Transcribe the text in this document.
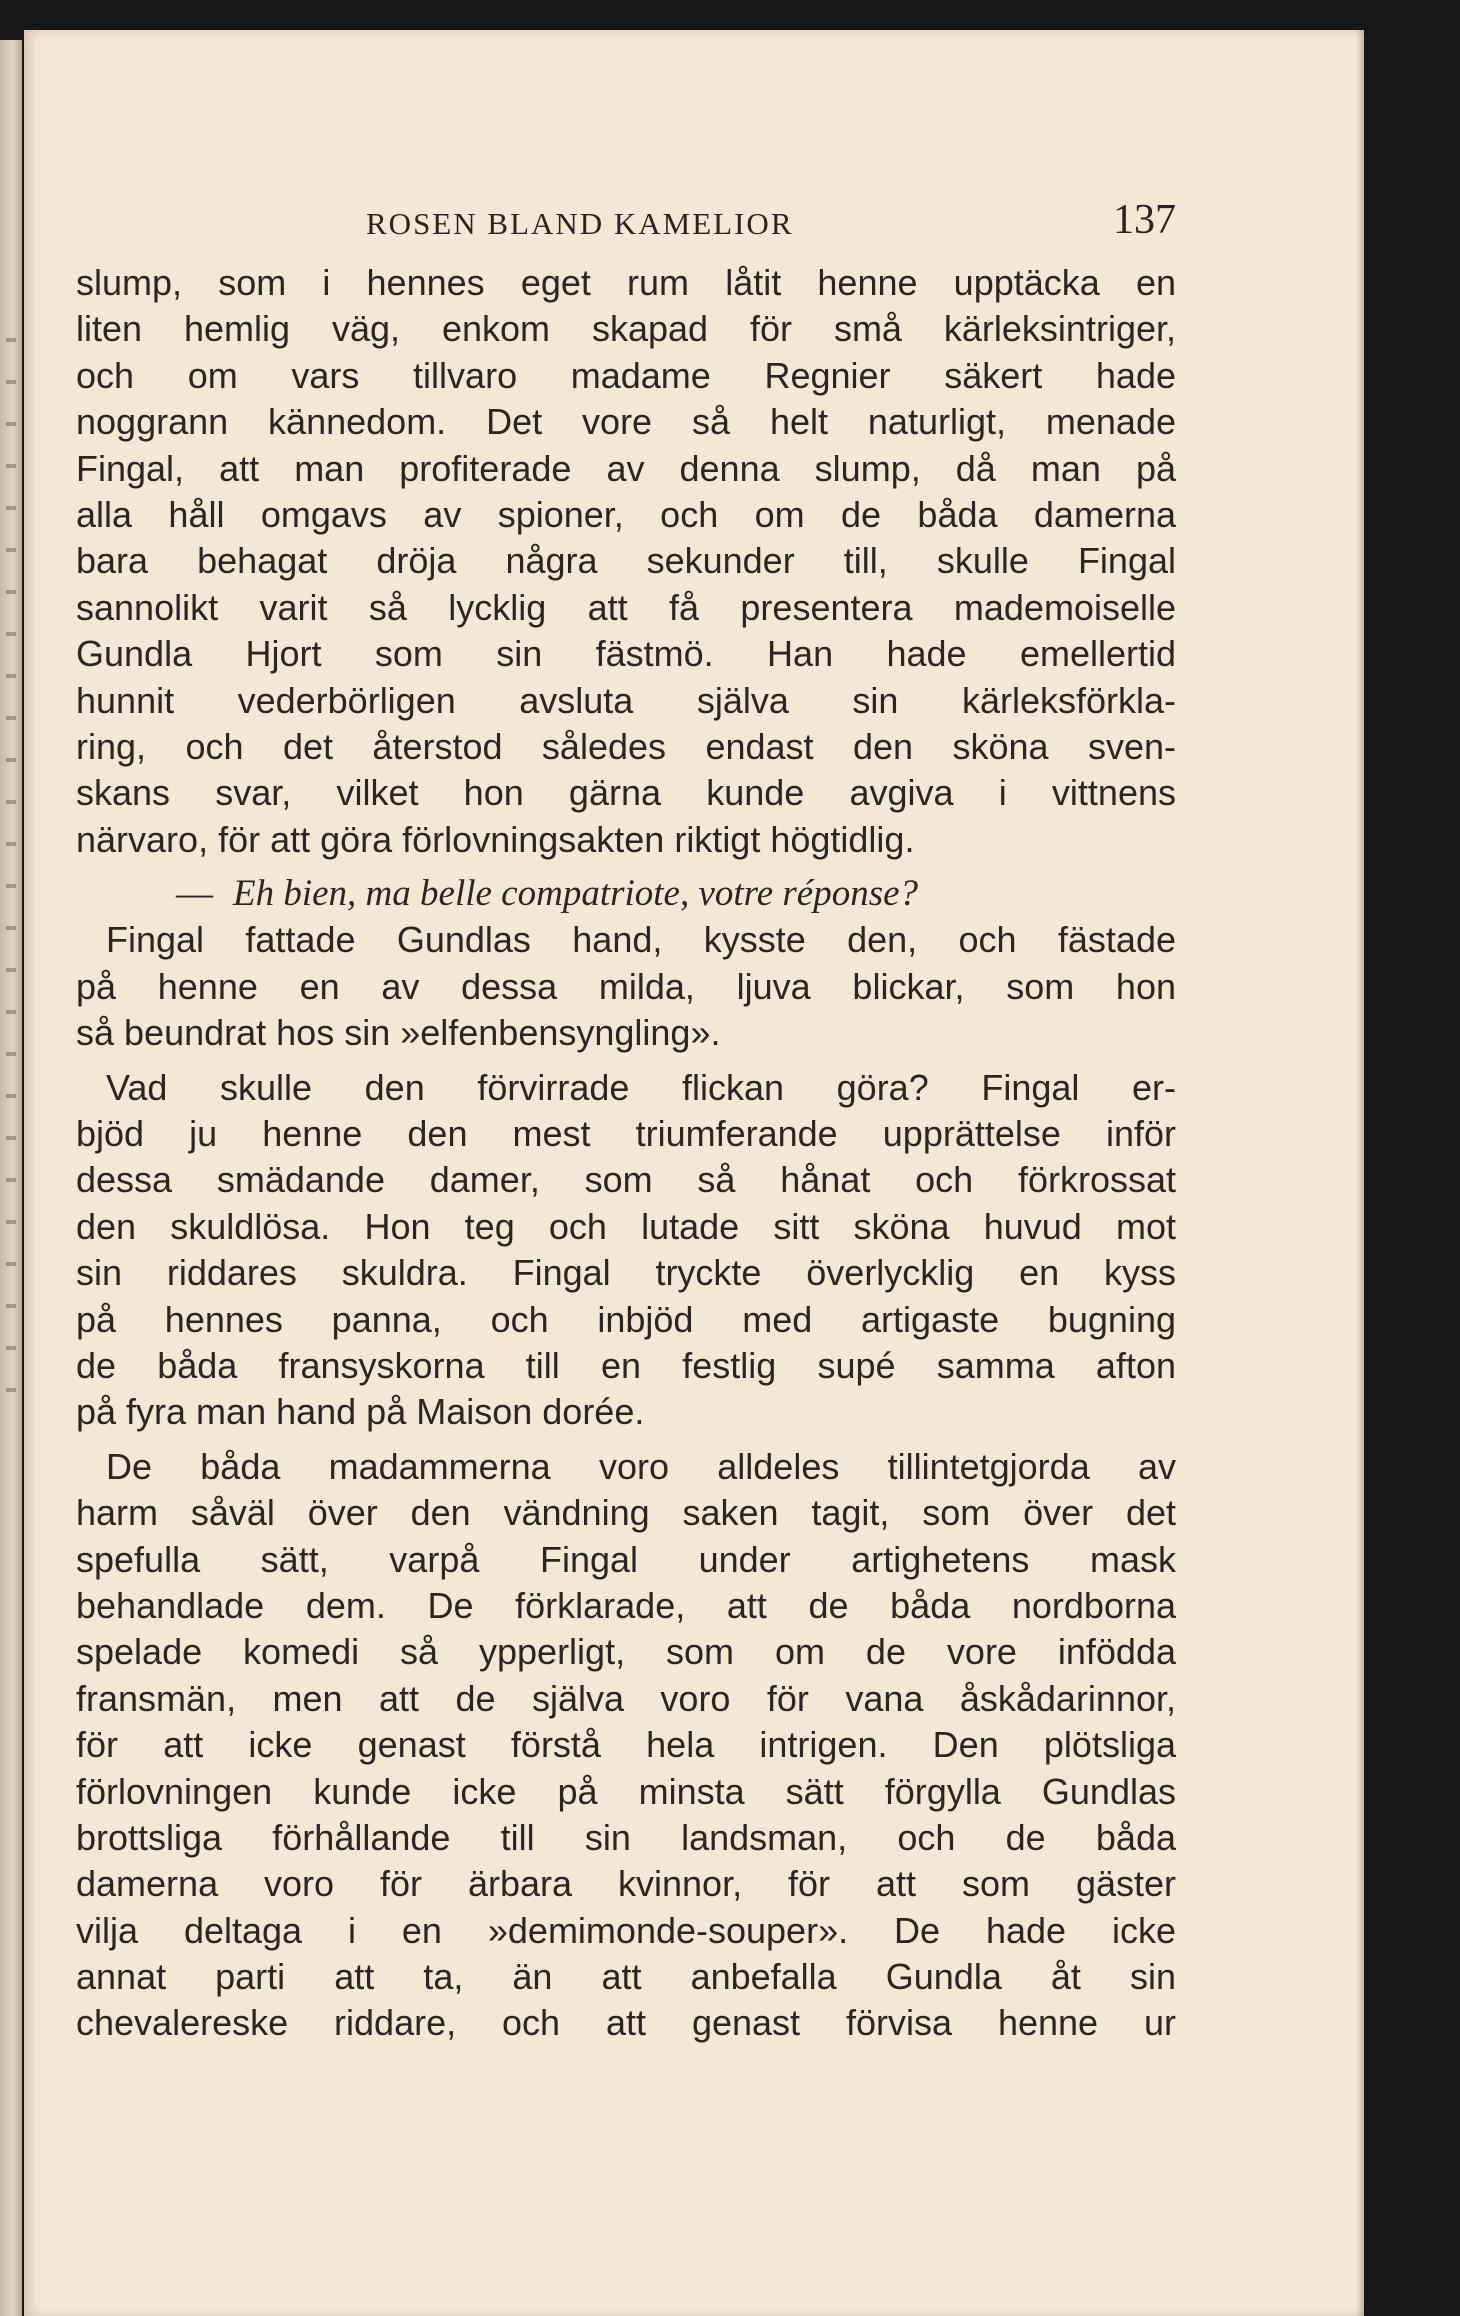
ROSEN BLAND KAMELIOR	137
slump, som i hennes eget rum låtit henne upptäcka en
liten hemlig väg, enkom skapad för små kärleksintriger,
och om vars tillvaro madame Regnier säkert hade
noggrann kännedom. Det vore så helt naturligt, menade
Fingal, att man profiterade av denna slump, då man på
alla håll omgavs av spioner, och om de båda damerna
bara behagat dröja några sekunder till, skulle Fingal
sannolikt varit så lycklig att få presentera mademoiselle
Gundla Hjort som sin fästmö. Han hade emellertid
hunnit vederbörligen avsluta själva sin kärleksförkla-
ring, och det återstod således endast den sköna sven-
skans svar, vilket hon gärna kunde avgiva i vittnens
närvaro, för att göra förlovningsakten riktigt högtidlig.
— Eh bien, ma belle compatriote, votre réponse?
Fingal fattade Gundlas hand, kysste den, och fästade
på henne en av dessa milda, ljuva blickar, som hon
så beundrat hos sin »elfenbensyngling».
Vad skulle den förvirrade flickan göra? Fingal er-
bjöd ju henne den mest triumferande upprättelse inför
dessa smädande damer, som så hånat och förkrossat
den skuldlösa. Hon teg och lutade sitt sköna huvud mot
sin riddares skuldra. Fingal tryckte överlycklig en kyss
på hennes panna, och inbjöd med artigaste bugning
de båda fransyskorna till en festlig supé samma afton
på fyra man hand på Maison dorée.
De båda madammerna voro alldeles tillintetgjorda av
harm såväl över den vändning saken tagit, som över det
spefulla sätt, varpå Fingal under artighetens mask
behandlade dem. De förklarade, att de båda nordborna
spelade komedi så ypperligt, som om de vore infödda
fransmän, men att de själva voro för vana åskådarinnor,
för att icke genast förstå hela intrigen. Den plötsliga
förlovningen kunde icke på minsta sätt förgylla Gundlas
brottsliga förhållande till sin landsman, och de båda
damerna voro för ärbara kvinnor, för att som gäster
vilja deltaga i en »demimonde-souper». De hade icke
annat parti att ta, än att anbefalla Gundla åt sin
chevalereske riddare, och att genast förvisa henne ur
